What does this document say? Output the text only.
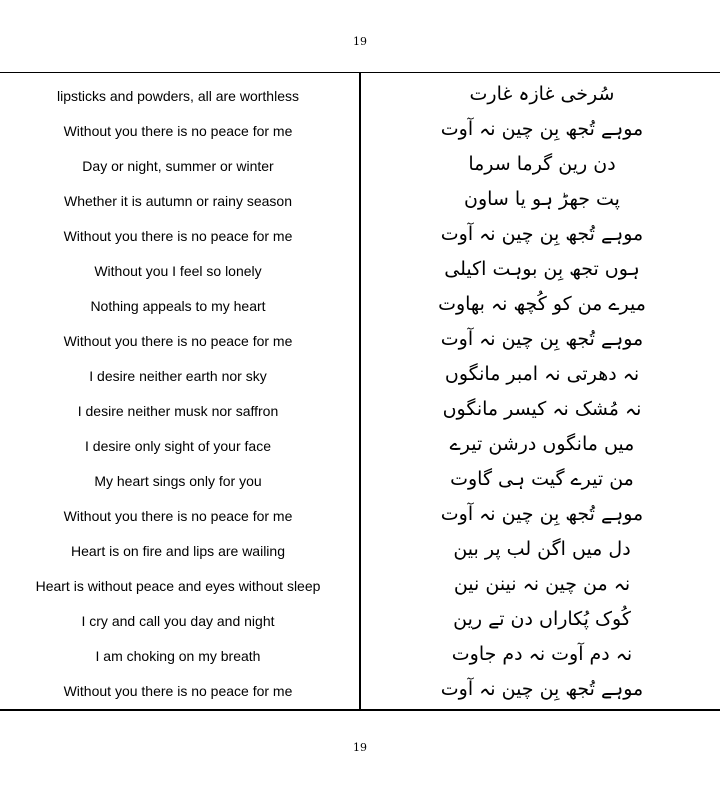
19
lipsticks and powders, all are worthless	سُرخی غازہ غارت
Without you there is no peace for me	موہے تُجھ بِن چین نہ آوت
Day or night, summer or winter	دن رین گرما سرما
Whether it is autumn or rainy season	پت جھڑ ہو یا ساون
Without you there is no peace for me	موہے تُجھ بِن چین نہ آوت
Without you I feel so lonely	ہوں تجھ بِن بوہت اکیلی
Nothing appeals to my heart	میرے من کو کُچھ نہ بھاوت
Without you there is no peace for me	موہے تُجھ بِن چین نہ آوت
I desire neither earth nor sky	نہ دھرتی نہ امبر مانگوں
I desire neither musk nor saffron	نہ مُشک نہ کیسر مانگوں
I desire only sight of your face	میں مانگوں درشن تیرے
My heart sings only for you	من تیرے گیت ہی گاوت
Without you there is no peace for me	موہے تُجھ بِن چین نہ آوت
Heart is on fire and lips are wailing	دل میں اگن لب پر بین
Heart is without peace and eyes without sleep	نہ من چین نہ نینن نین
I cry and call you day and night	کُوک پُکاراں دن تے رین
I am choking on my breath	نہ دم آوت نہ دم جاوت
Without you there is no peace for me	موہے تُجھ بِن چین نہ آوت
19
